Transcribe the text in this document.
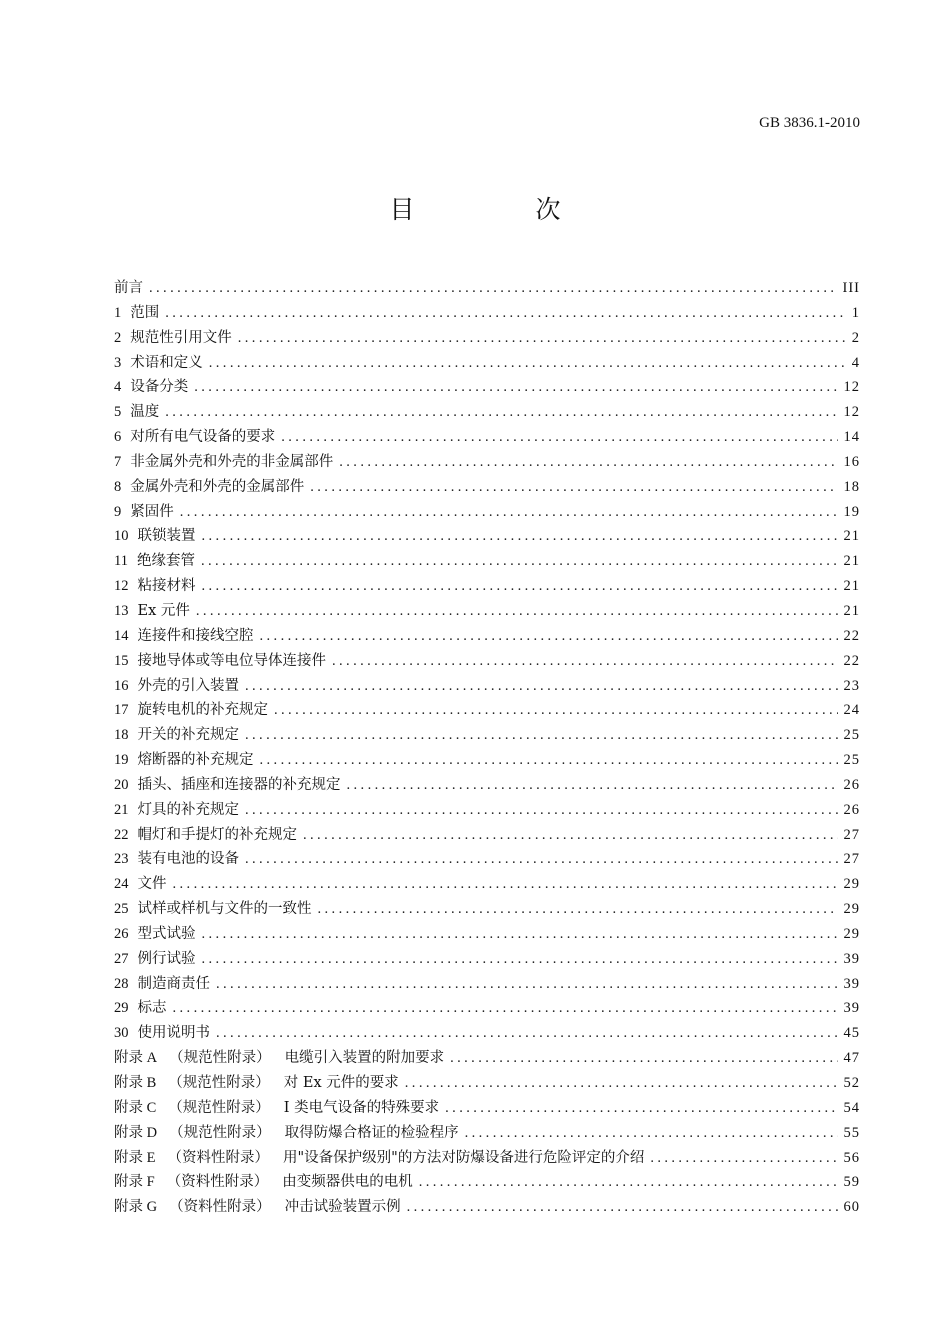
GB 3836.1-2010
目　次
前言 .....	III
1 范围 .....	1
2 规范性引用文件 .....	2
3 术语和定义 .....	4
4 设备分类 .....	12
5 温度 .....	12
6 对所有电气设备的要求 .....	14
7 非金属外壳和外壳的非金属部件 .....	16
8 金属外壳和外壳的金属部件 .....	18
9 紧固件 .....	19
10 联锁装置 .....	21
11 绝缘套管 .....	21
12 粘接材料 .....	21
13 Ex 元件 .....	21
14 连接件和接线空腔 .....	22
15 接地导体或等电位导体连接件 .....	22
16 外壳的引入装置 .....	23
17 旋转电机的补充规定 .....	24
18 开关的补充规定 .....	25
19 熔断器的补充规定 .....	25
20 插头、插座和连接器的补充规定 .....	26
21 灯具的补充规定 .....	26
22 帽灯和手提灯的补充规定 .....	27
23 装有电池的设备 .....	27
24 文件 .....	29
25 试样或样机与文件的一致性 .....	29
26 型式试验 .....	29
27 例行试验 .....	39
28 制造商责任 .....	39
29 标志 .....	39
30 使用说明书 .....	45
附录 A （规范性附录） 电缆引入装置的附加要求 .....	47
附录 B （规范性附录） 对 Ex 元件的要求 .....	52
附录 C （规范性附录） I 类电气设备的特殊要求 .....	54
附录 D （规范性附录） 取得防爆合格证的检验程序 .....	55
附录 E （资料性附录） 用"设备保护级别"的方法对防爆设备进行危险评定的介绍 .....	56
附录 F （资料性附录） 由变频器供电的电机 .....	59
附录 G （资料性附录） 冲击试验装置示例 .....	60
